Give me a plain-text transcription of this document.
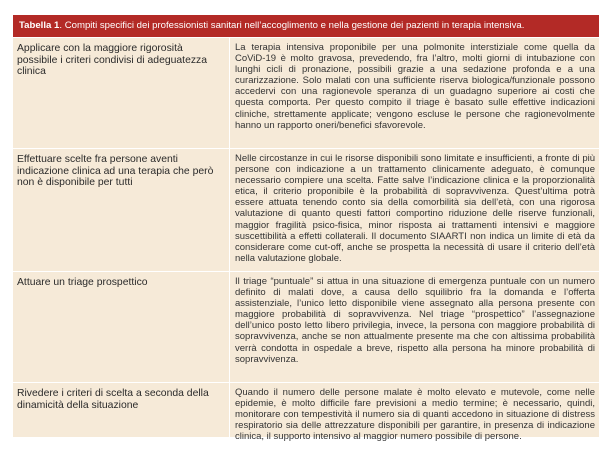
Tabella 1. Compiti specifici dei professionisti sanitari nell’accoglimento e nella gestione dei pazienti in terapia intensiva.
Applicare con la maggiore rigorosità possibile i criteri condivisi di adeguatezza clinica
La terapia intensiva proponibile per una polmonite interstiziale come quella da CoViD-19 è molto gravosa, prevedendo, fra l’altro, molti giorni di intubazione con lunghi cicli di pronazione, possibili grazie a una sedazione profonda e a una curarizzazione. Solo malati con una sufficiente riserva biologica/funzionale possono accedervi con una ragionevole speranza di un guadagno superiore ai costi che questa comporta. Per questo compito il triage è basato sulle effettive indicazioni cliniche, strettamente applicate; vengono escluse le persone che ragionevolmente hanno un rapporto oneri/benefici sfavorevole.
Effettuare scelte fra persone aventi indicazione clinica ad una terapia che però non è disponibile per tutti
Nelle circostanze in cui le risorse disponibili sono limitate e insufficienti, a fronte di più persone con indicazione a un trattamento clinicamente adeguato, è comunque necessario compiere una scelta. Fatte salve l’indicazione clinica e la proporzionalità etica, il criterio proponibile è la probabilità di sopravvivenza. Quest’ultima potrà essere attuata tenendo conto sia della comorbilità sia dell’età, con una rigorosa valutazione di quanto questi fattori comportino riduzione delle riserve funzionali, maggior fragilità psico-fisica, minor risposta ai trattamenti intensivi e maggiore suscettibilità a effetti collaterali. Il documento SIAARTI non indica un limite di età da considerare come cut-off, anche se prospetta la necessità di usare il criterio dell’età nella valutazione globale.
Attuare un triage prospettico	Il triage “puntuale” si attua in una situazione di emergenza puntuale con un numero definito di malati dove, a causa dello squilibrio fra la domanda e l’offerta assistenziale, l’unico letto disponibile viene assegnato alla persona presente con maggiore probabilità di sopravvivenza. Nel triage “prospettico” l’assegnazione dell’unico posto letto libero privilegia, invece, la persona con maggiore probabilità di sopravvivenza, anche se non attualmente presente ma che con altissima probabilità verrà condotta in ospedale a breve, rispetto alla persona ha minore probabilità di sopravvivenza.
Rivedere i criteri di scelta a seconda della dinamicità della situazione
Quando il numero delle persone malate è molto elevato e mutevole, come nelle epidemie, è molto difficile fare previsioni a medio termine; è necessario, quindi, monitorare con tempestività il numero sia di quanti accedono in situazione di distress respiratorio sia delle attrezzature disponibili per garantire, in presenza di indicazione clinica, il supporto intensivo al maggior numero possibile di persone.
